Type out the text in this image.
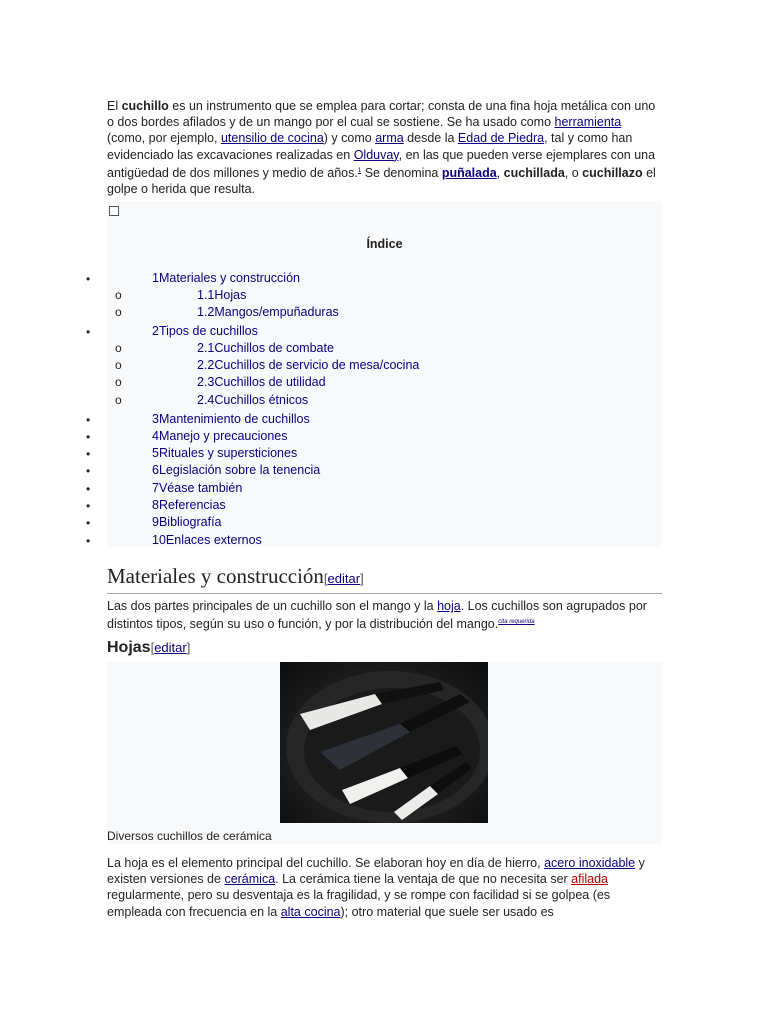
El cuchillo es un instrumento que se emplea para cortar; consta de una fina hoja metálica con uno o dos bordes afilados y de un mango por el cual se sostiene. Se ha usado como herramienta (como, por ejemplo, utensilio de cocina) y como arma desde la Edad de Piedra, tal y como han evidenciado las excavaciones realizadas en Olduvay, en las que pueden verse ejemplares con una antigüedad de dos millones y medio de años.$^1$ Se denomina puñalada, cuchillada, o cuchillazo el golpe o herida que resulta.

Índice
•	1Materiales y construcción
o	1.1Hojas
o	1.2Mangos/empuñaduras
•	2Tipos de cuchillos
o	2.1Cuchillos de combate
o	2.2Cuchillos de servicio de mesa/cocina
o	2.3Cuchillos de utilidad
o	2.4Cuchillos étnicos
•	3Mantenimiento de cuchillos
•	4Manejo y precauciones
•	5Rituales y supersticiones
•	6Legislación sobre la tenencia
•	7Véase también
•	8Referencias
•	9Bibliografía
•	10Enlaces externos
Materiales y construcción[editar]

Las dos partes principales de un cuchillo son el mango y la hoja. Los cuchillos son agrupados por distintos tipos, según su uso o función, y por la distribución del mango.$^{cita requerida}$

Hojas[editar]
Diversos cuchillos de cerámica

La hoja es el elemento principal del cuchillo. Se elaboran hoy en día de hierro, acero inoxidable y existen versiones de cerámica. La cerámica tiene la ventaja de que no necesita ser afilada regularmente, pero su desventaja es la fragilidad, y se rompe con facilidad si se golpea (es empleada con frecuencia en la alta cocina); otro material que suele ser usado es
